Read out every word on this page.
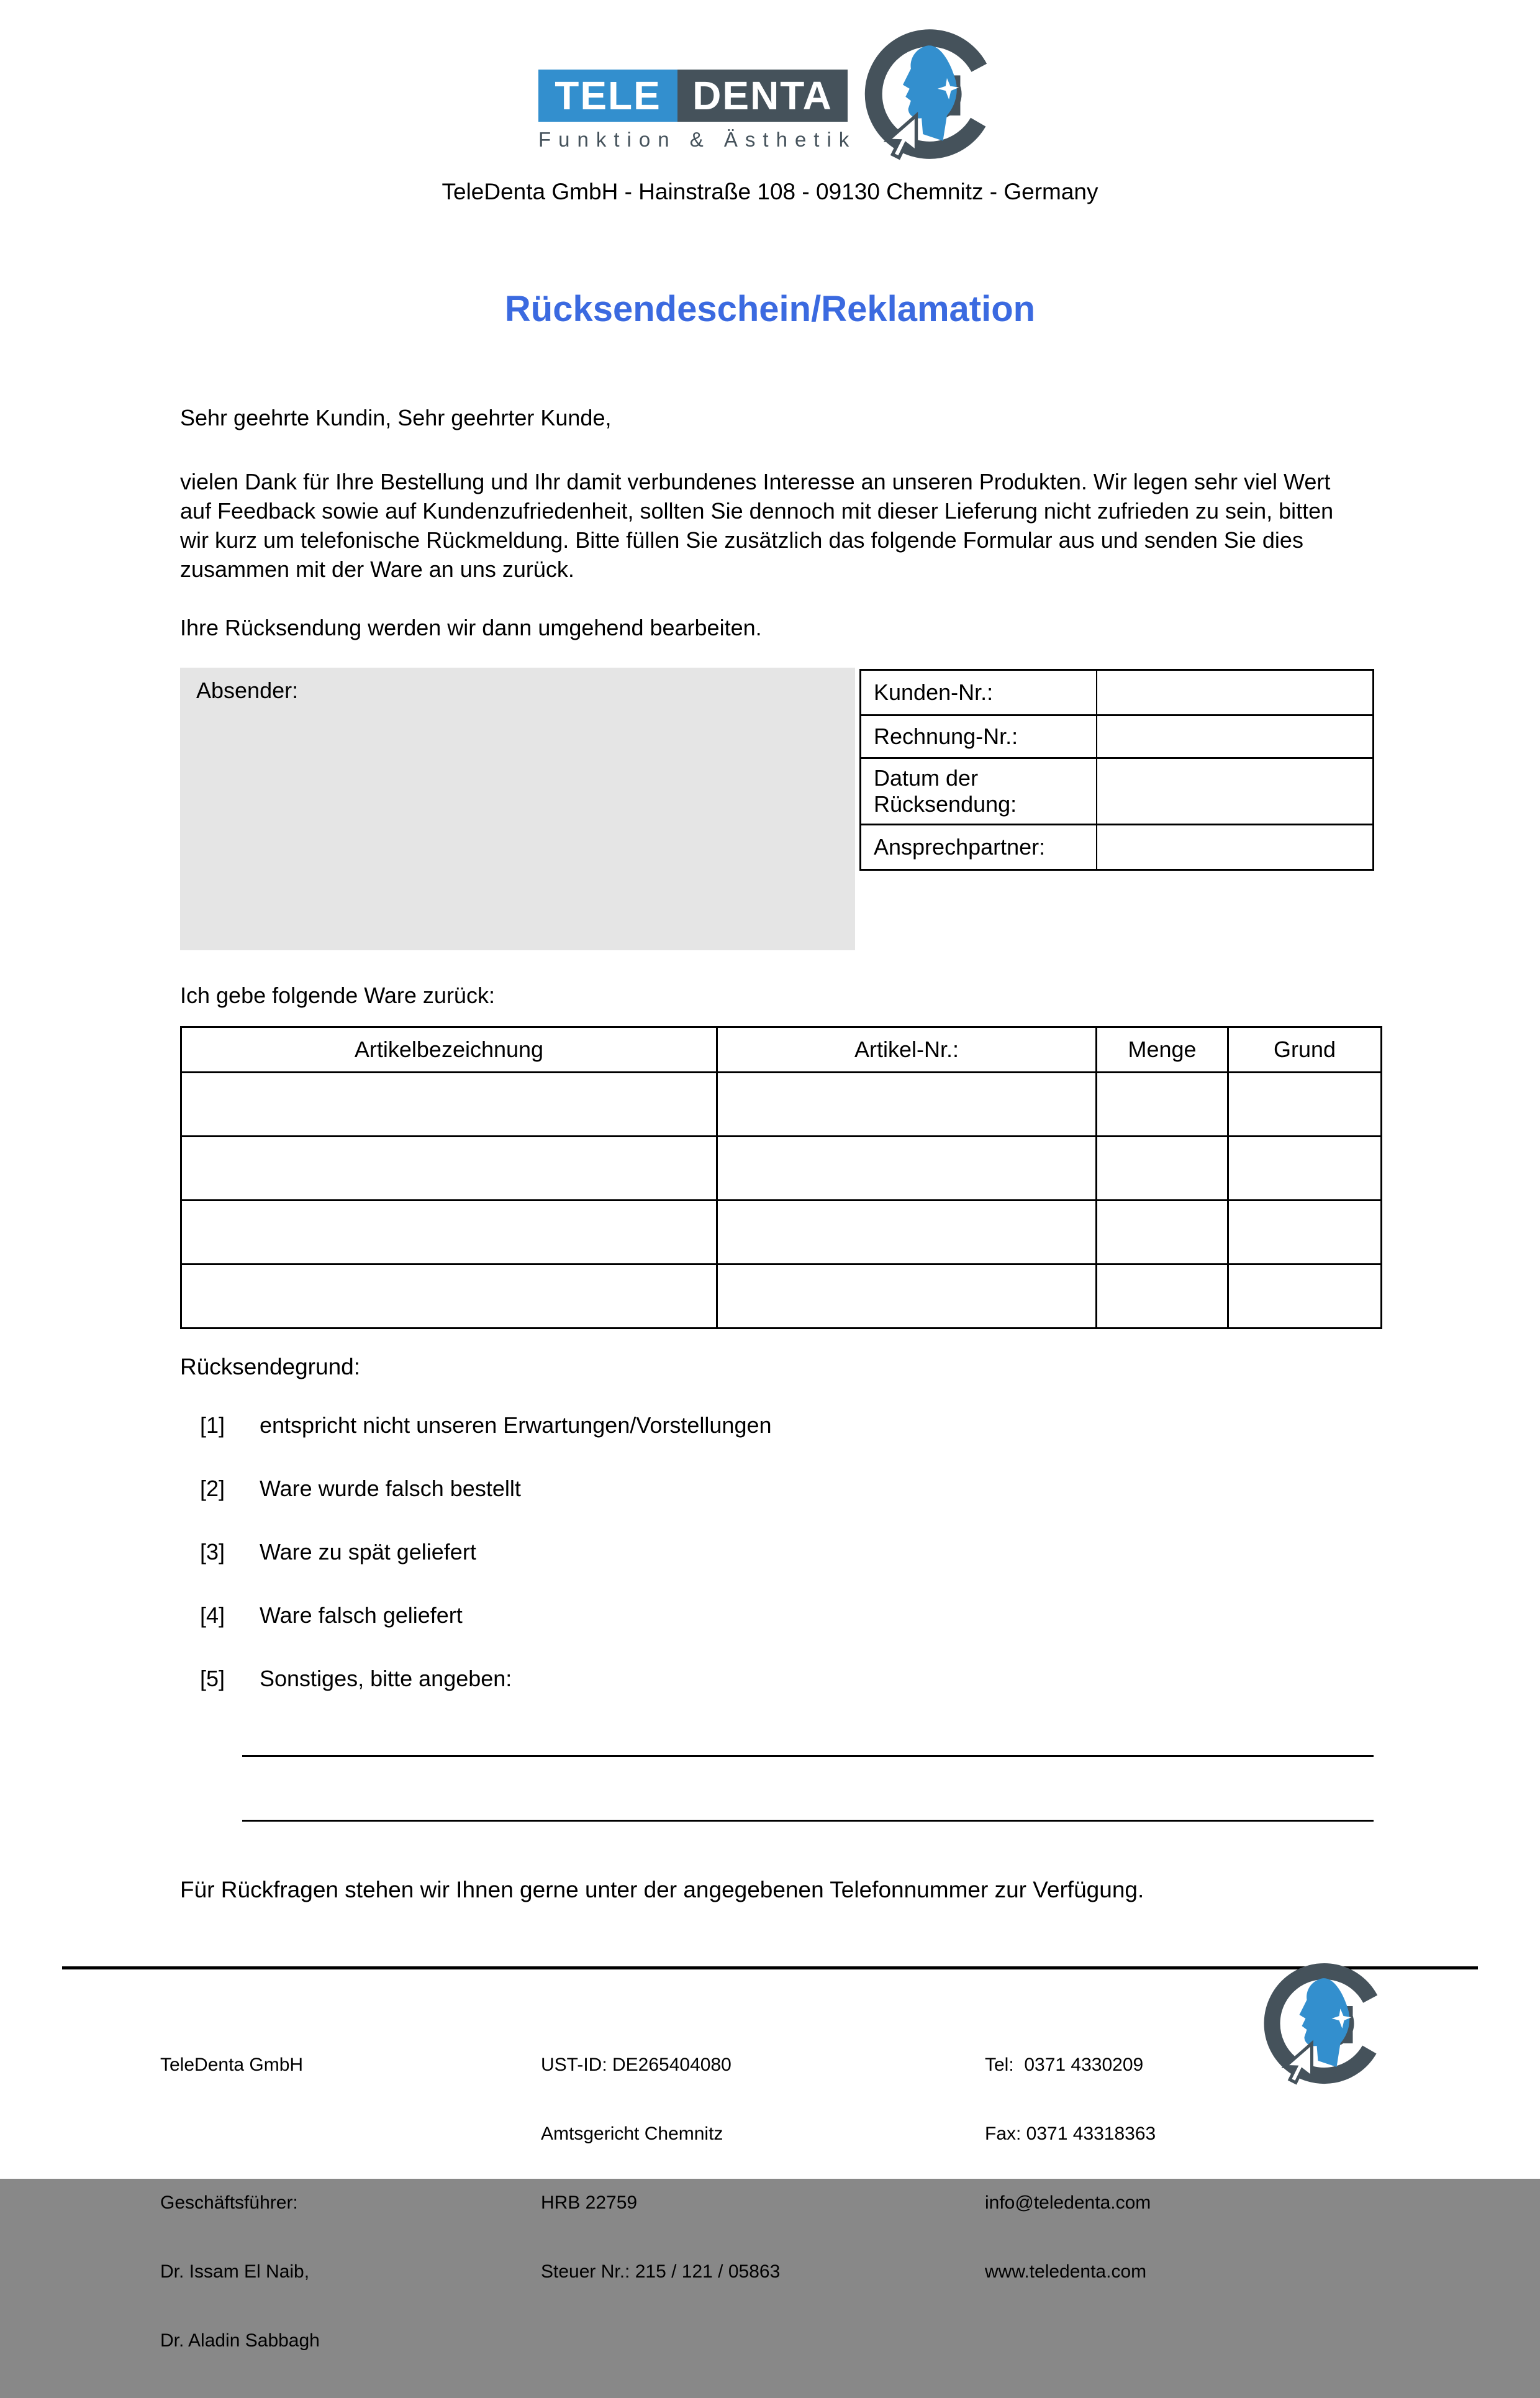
TELE DENTA
Funktion & Ästhetik
TeleDenta GmbH - Hainstraße 108 - 09130 Chemnitz - Germany
Rücksendeschein/Reklamation
Sehr geehrte Kundin, Sehr geehrter Kunde,
vielen Dank für Ihre Bestellung und Ihr damit verbundenes Interesse an unseren Produkten. Wir legen sehr viel Wert auf Feedback sowie auf Kundenzufriedenheit, sollten Sie dennoch mit dieser Lieferung nicht zufrieden zu sein, bitten wir kurz um telefonische Rückmeldung. Bitte füllen Sie zusätzlich das folgende Formular aus und senden Sie dies zusammen mit der Ware an uns zurück.
Ihre Rücksendung werden wir dann umgehend bearbeiten.
Absender:	Kunden-Nr.:
Rechnung-Nr.:
Datum der Rücksendung:
Ansprechpartner:
Ich gebe folgende Ware zurück:
Artikelbezeichnung	Artikel-Nr.:	Menge	Grund

Rücksendegrund:
[1]	entspricht nicht unseren Erwartungen/Vorstellungen
[2]	Ware wurde falsch bestellt
[3]	Ware zu spät geliefert
[4]	Ware falsch geliefert
[5]	Sonstiges, bitte angeben:
Für Rückfragen stehen wir Ihnen gerne unter der angegebenen Telefonnummer zur Verfügung.

TeleDenta GmbH

Geschäftsführer:

Dr. Issam El Naib,

Dr. Aladin Sabbagh

UST-ID: DE265404080

Amtsgericht Chemnitz

HRB 22759

Steuer Nr.: 215 / 121 / 05863

Tel:  0371 4330209

Fax: 0371 43318363

info@teledenta.com

www.teledenta.com
